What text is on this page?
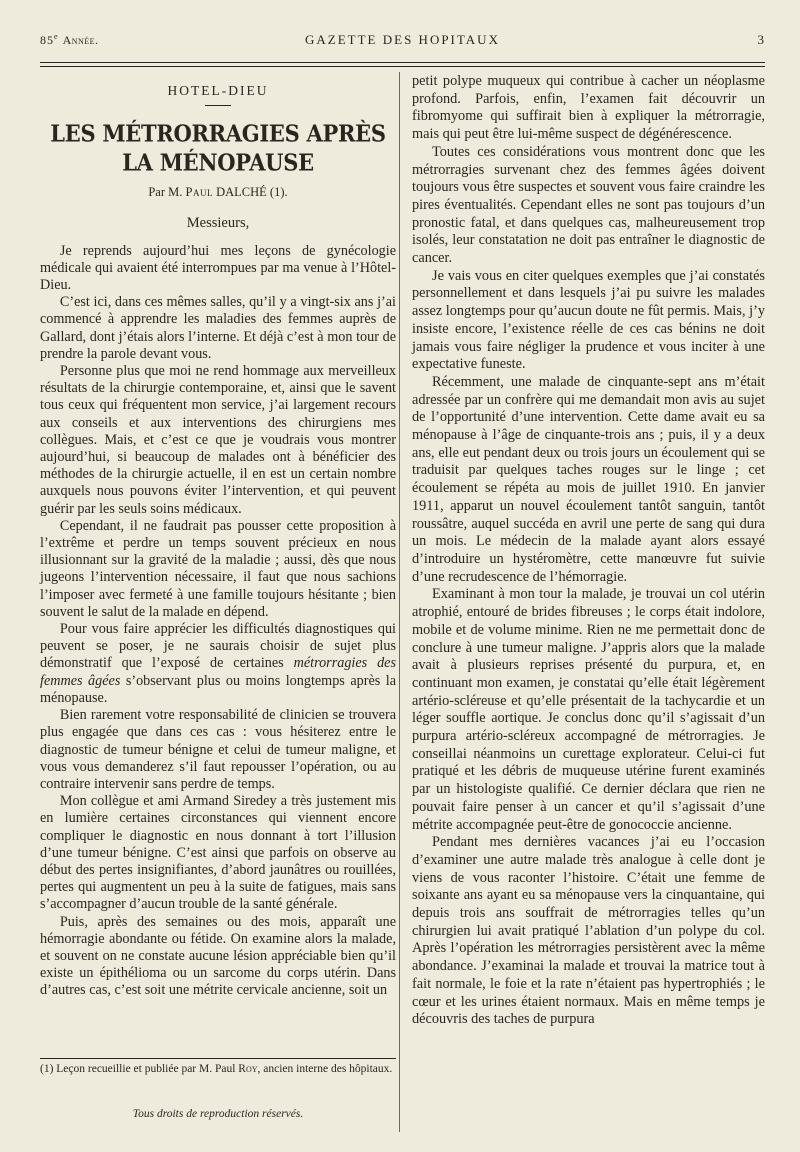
85e Année.	GAZETTE DES HOPITAUX	3
HOTEL-DIEU
LES MÉTRORRAGIES APRÈS LA MÉNOPAUSE
Par M. Paul DALCHÉ (1).
Messieurs,

Je reprends aujourd’hui mes leçons de gynécologie médicale qui avaient été interrompues par ma venue à l’Hôtel-Dieu.

C’est ici, dans ces mêmes salles, qu’il y a vingt-six ans j’ai commencé à apprendre les maladies des femmes auprès de Gallard, dont j’étais alors l’interne. Et déjà c’est à mon tour de prendre la parole devant vous.

Personne plus que moi ne rend hommage aux merveilleux résultats de la chirurgie contemporaine, et, ainsi que le savent tous ceux qui fréquentent mon service, j’ai largement recours aux conseils et aux interventions des chirurgiens mes collègues. Mais, et c’est ce que je voudrais vous montrer aujourd’hui, si beaucoup de malades ont à bénéficier des méthodes de la chirurgie actuelle, il en est un certain nombre auxquels nous pouvons éviter l’intervention, et qui peuvent guérir par les seuls soins médicaux.

Cependant, il ne faudrait pas pousser cette proposition à l’extrême et perdre un temps souvent précieux en nous illusionnant sur la gravité de la maladie ; aussi, dès que nous jugeons l’intervention nécessaire, il faut que nous sachions l’imposer avec fermeté à une famille toujours hésitante ; bien souvent le salut de la malade en dépend.

Pour vous faire apprécier les difficultés diagnostiques qui peuvent se poser, je ne saurais choisir de sujet plus démonstratif que l’exposé de certaines métrorragies des femmes âgées s’observant plus ou moins longtemps après la ménopause.

Bien rarement votre responsabilité de clinicien se trouvera plus engagée que dans ces cas : vous hésiterez entre le diagnostic de tumeur bénigne et celui de tumeur maligne, et vous vous demanderez s’il faut repousser l’opération, ou au contraire intervenir sans perdre de temps.

Mon collègue et ami Armand Siredey a très justement mis en lumière certaines circonstances qui viennent encore compliquer le diagnostic en nous donnant à tort l’illusion d’une tumeur bénigne. C’est ainsi que parfois on observe au début des pertes insignifiantes, d’abord jaunâtres ou rouillées, pertes qui augmentent un peu à la suite de fatigues, mais sans s’accompagner d’aucun trouble de la santé générale.

Puis, après des semaines ou des mois, apparaît une hémorragie abondante ou fétide. On examine alors la malade, et souvent on ne constate aucune lésion appréciable bien qu’il existe un épithélioma ou un sarcome du corps utérin. Dans d’autres cas, c’est soit une métrite cervicale ancienne, soit un

(1) Leçon recueillie et publiée par M. Paul Roy, ancien interne des hôpitaux.
Tous droits de reproduction réservés.

petit polype muqueux qui contribue à cacher un néoplasme profond. Parfois, enfin, l’examen fait découvrir un fibromyome qui suffirait bien à expliquer la métrorragie, mais qui peut être lui-même suspect de dégénérescence.

Toutes ces considérations vous montrent donc que les métrorragies survenant chez des femmes âgées doivent toujours vous être suspectes et souvent vous faire craindre les pires éventualités. Cependant elles ne sont pas toujours d’un pronostic fatal, et dans quelques cas, malheureusement trop isolés, leur constatation ne doit pas entraîner le diagnostic de cancer.

Je vais vous en citer quelques exemples que j’ai constatés personnellement et dans lesquels j’ai pu suivre les malades assez longtemps pour qu’aucun doute ne fût permis. Mais, j’y insiste encore, l’existence réelle de ces cas bénins ne doit jamais vous faire négliger la prudence et vous inciter à une expectative funeste.

Récemment, une malade de cinquante-sept ans m’était adressée par un confrère qui me demandait mon avis au sujet de l’opportunité d’une intervention. Cette dame avait eu sa ménopause à l’âge de cinquante-trois ans ; puis, il y a deux ans, elle eut pendant deux ou trois jours un écoulement qui se traduisit par quelques taches rouges sur le linge ; cet écoulement se répéta au mois de juillet 1910. En janvier 1911, apparut un nouvel écoulement tantôt sanguin, tantôt roussâtre, auquel succéda en avril une perte de sang qui dura un mois. Le médecin de la malade ayant alors essayé d’introduire un hystéromètre, cette manœuvre fut suivie d’une recrudescence de l’hémorragie.

Examinant à mon tour la malade, je trouvai un col utérin atrophié, entouré de brides fibreuses ; le corps était indolore, mobile et de volume minime. Rien ne me permettait donc de conclure à une tumeur maligne. J’appris alors que la malade avait à plusieurs reprises présenté du purpura, et, en continuant mon examen, je constatai qu’elle était légèrement artério-scléreuse et qu’elle présentait de la tachycardie et un léger souffle aortique. Je conclus donc qu’il s’agissait d’un purpura artério-scléreux accompagné de métrorragies. Je conseillai néanmoins un curettage explorateur. Celui-ci fut pratiqué et les débris de muqueuse utérine furent examinés par un histologiste qualifié. Ce dernier déclara que rien ne pouvait faire penser à un cancer et qu’il s’agissait d’une métrite accompagnée peut-être de gonococcie ancienne.

Pendant mes dernières vacances j’ai eu l’occasion d’examiner une autre malade très analogue à celle dont je viens de vous raconter l’histoire. C’était une femme de soixante ans ayant eu sa ménopause vers la cinquantaine, qui depuis trois ans souffrait de métrorragies telles qu’un chirurgien lui avait pratiqué l’ablation d’un polype du col. Après l’opération les métrorragies persistèrent avec la même abondance. J’examinai la malade et trouvai la matrice tout à fait normale, le foie et la rate n’étaient pas hypertrophiés ; le cœur et les urines étaient normaux. Mais en même temps je découvris des taches de purpura
